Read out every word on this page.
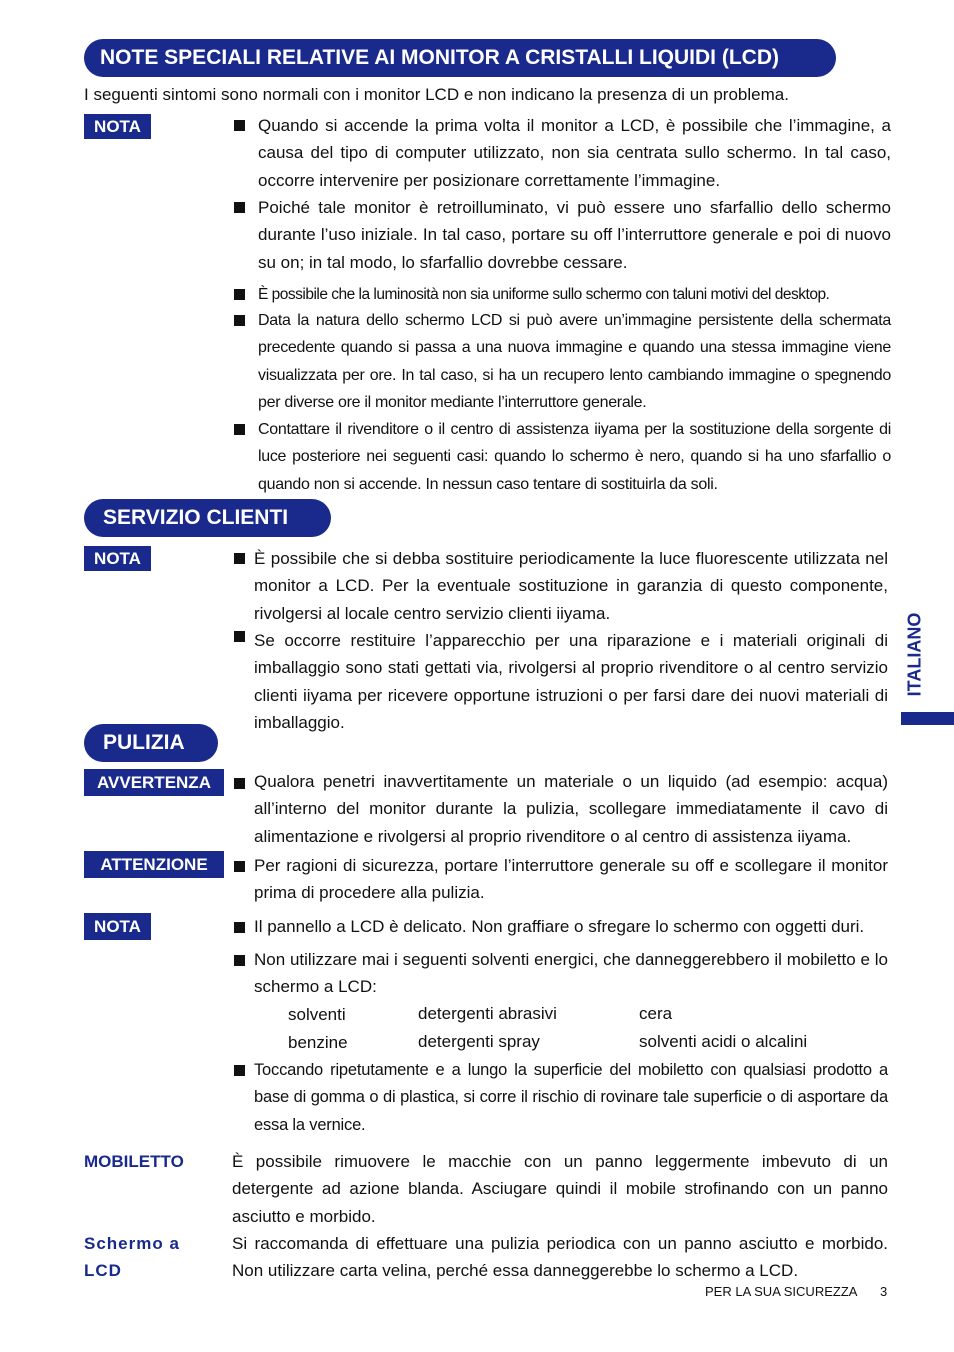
NOTE SPECIALI RELATIVE AI MONITOR A CRISTALLI LIQUIDI (LCD)
I seguenti sintomi sono normali con i monitor LCD e non indicano la presenza di un problema.
NOTA	Quando si accende la prima volta il monitor a LCD, è possibile che l’immagine, a causa del tipo di computer utilizzato, non sia centrata sullo schermo. In tal caso, occorre intervenire per posizionare correttamente l’immagine.
Poiché tale monitor è retroilluminato, vi può essere uno sfarfallio dello schermo durante l’uso iniziale. In tal caso, portare su off l’interruttore generale e poi di nuovo su on; in tal modo, lo sfarfallio dovrebbe cessare.
È possibile che la luminosità non sia uniforme sullo schermo con taluni motivi del desktop.
Data la natura dello schermo LCD si può avere un’immagine persistente della schermata precedente quando si passa a una nuova immagine e quando una stessa immagine viene visualizzata per ore. In tal caso, si ha un recupero lento cambiando immagine o spegnendo per diverse ore il monitor mediante l’interruttore generale.
Contattare il rivenditore o il centro di assistenza iiyama per la sostituzione della sorgente di luce posteriore nei seguenti casi: quando lo schermo è nero, quando si ha uno sfarfallio o quando non si accende. In nessun caso tentare di sostituirla da soli.
SERVIZIO CLIENTI
NOTA	È possibile che si debba sostituire periodicamente la luce fluorescente utilizzata nel monitor a LCD. Per la eventuale sostituzione in garanzia di questo componente, rivolgersi al locale centro servizio clienti iiyama.
Se occorre restituire l’apparecchio per una riparazione e i materiali originali di imballaggio sono stati gettati via, rivolgersi al proprio rivenditore o al centro servizio clienti iiyama per ricevere opportune istruzioni o per farsi dare dei nuovi materiali di imballaggio.
ITALIANO
PULIZIA
AVVERTENZA	Qualora penetri inavvertitamente un materiale o un liquido (ad esempio: acqua) all’interno del monitor durante la pulizia, scollegare immediatamente il cavo di alimentazione e rivolgersi al proprio rivenditore o al centro di assistenza iiyama.
ATTENZIONE	Per ragioni di sicurezza, portare l’interruttore generale su off e scollegare il monitor prima di procedere alla pulizia.
NOTA	Il pannello a LCD è delicato. Non graffiare o sfregare lo schermo con oggetti duri.
Non utilizzare mai i seguenti solventi energici, che danneggerebbero il mobiletto e lo schermo a LCD:
solventi	detergenti abrasivi	cera
benzine	detergenti spray	solventi acidi o alcalini
Toccando ripetutamente e a lungo la superficie del mobiletto con qualsiasi prodotto a base di gomma o di plastica, si corre il rischio di rovinare tale superficie o di asportare da essa la vernice.
MOBILETTO	È possibile rimuovere le macchie con un panno leggermente imbevuto di un detergente ad azione blanda. Asciugare quindi il mobile strofinando con un panno asciutto e morbido.
Schermo a LCD
Si raccomanda di effettuare una pulizia periodica con un panno asciutto e morbido. Non utilizzare carta velina, perché essa danneggerebbe lo schermo a LCD.
PER LA SUA SICUREZZA 3
